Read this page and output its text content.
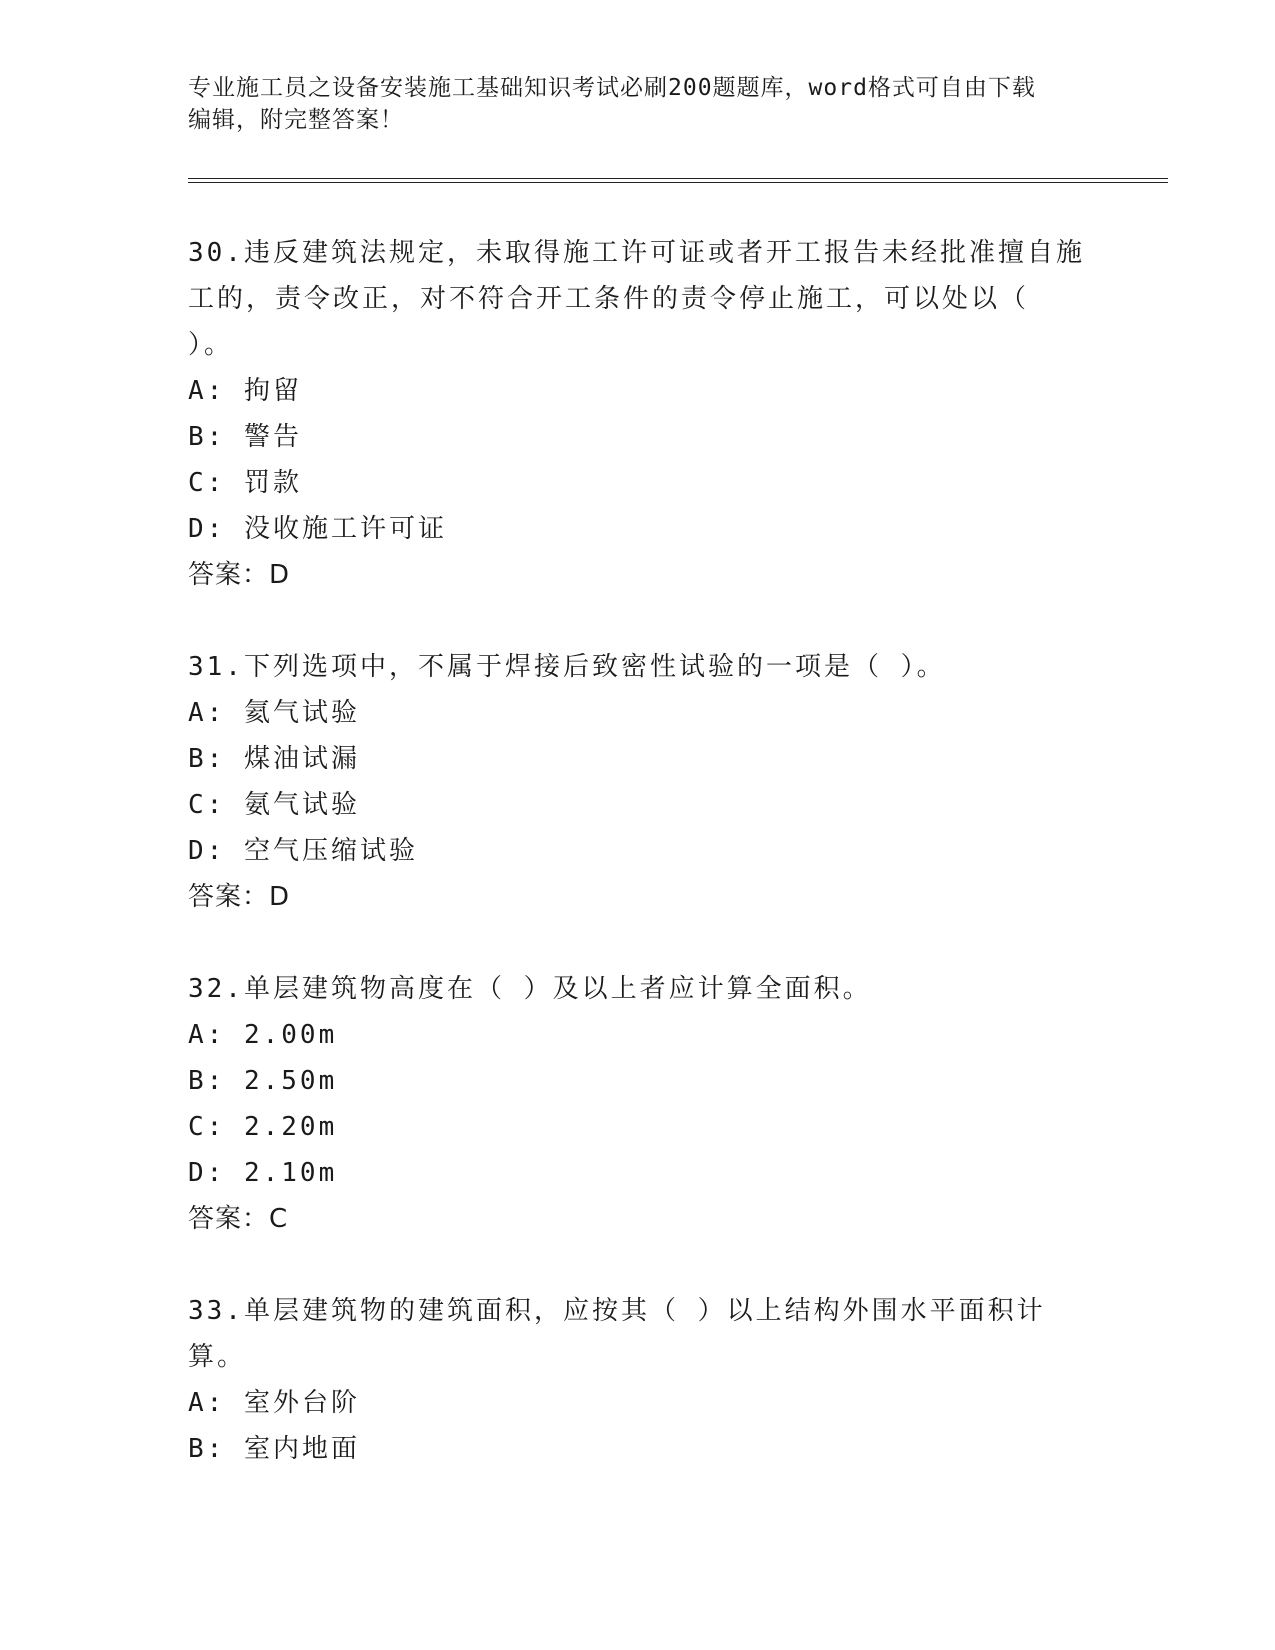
专业施工员之设备安装施工基础知识考试必刷200题题库，word格式可自由下载
编辑，附完整答案！

30.违反建筑法规定，未取得施工许可证或者开工报告未经批准擅自施工的，责令改正，对不符合开工条件的责令停止施工，可以处以（ ）。

A: 拘留

B: 警告

C: 罚款

D: 没收施工许可证

答案：D

31.下列选项中，不属于焊接后致密性试验的一项是（ ）。

A: 氦气试验

B: 煤油试漏

C: 氨气试验

D: 空气压缩试验

答案：D

32.单层建筑物高度在（ ）及以上者应计算全面积。

A: 2.00m

B: 2.50m

C: 2.20m

D: 2.10m

答案：C

33.单层建筑物的建筑面积，应按其（ ）以上结构外围水平面积计算。

A: 室外台阶

B: 室内地面
